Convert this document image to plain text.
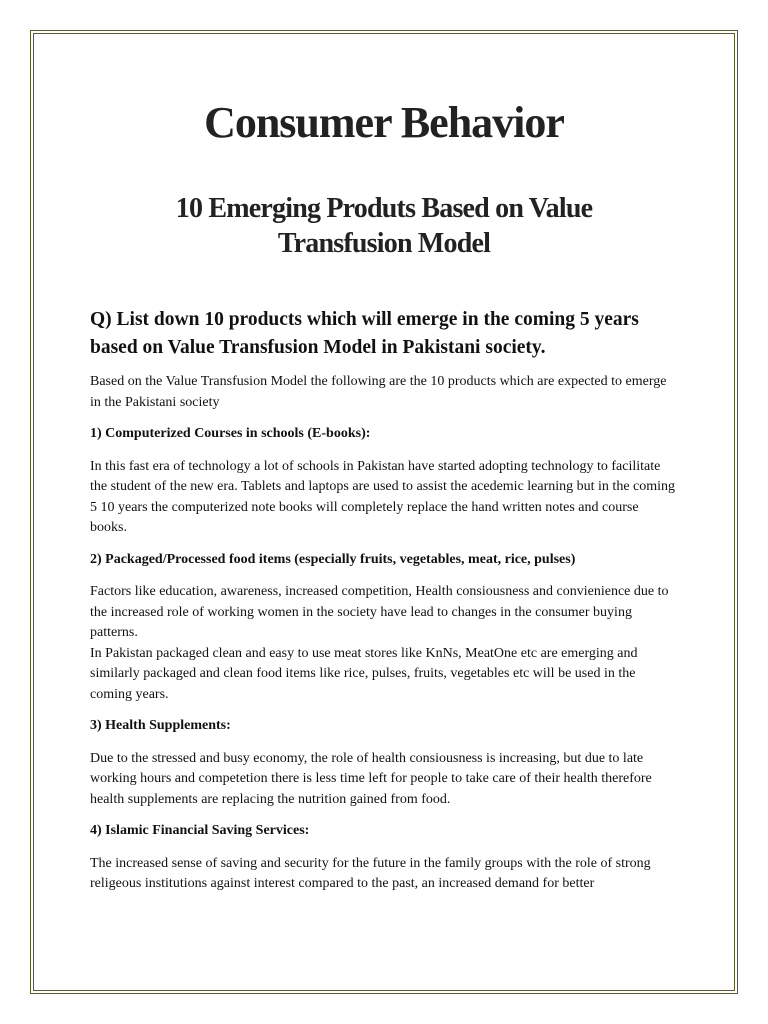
Consumer Behavior
10 Emerging Produts Based on Value
Transfusion Model

Q) List down 10 products which will emerge in the coming 5 years based on Value Transfusion Model in Pakistani society.

Based on the Value Transfusion Model the following are the 10 products which are expected to emerge in the Pakistani society

1) Computerized Courses in schools (E-books):

In this fast era of technology a lot of schools in Pakistan have started adopting technology to facilitate the student of the new era. Tablets and laptops are used to assist the acedemic learning but in the coming 5 10 years the computerized note books will completely replace the hand written notes and course books.

2) Packaged/Processed food items (especially fruits, vegetables, meat, rice, pulses)

Factors like education, awareness, increased competition, Health consiousness and convienience due to the increased role of working women in the society have lead to changes in the consumer buying patterns.

In Pakistan packaged clean and easy to use meat stores like KnNs, MeatOne etc are emerging and similarly packaged and clean food items like rice, pulses, fruits, vegetables etc will be used in the coming years.

3) Health Supplements:

Due to the stressed and busy economy, the role of health consiousness is increasing, but due to late working hours and competetion there is less time left for people to take care of their health therefore health supplements are replacing the nutrition gained from food.

4) Islamic Financial Saving Services:

The increased sense of saving and security for the future in the family groups with the role of strong religeous institutions against interest compared to the past, an increased demand for better
